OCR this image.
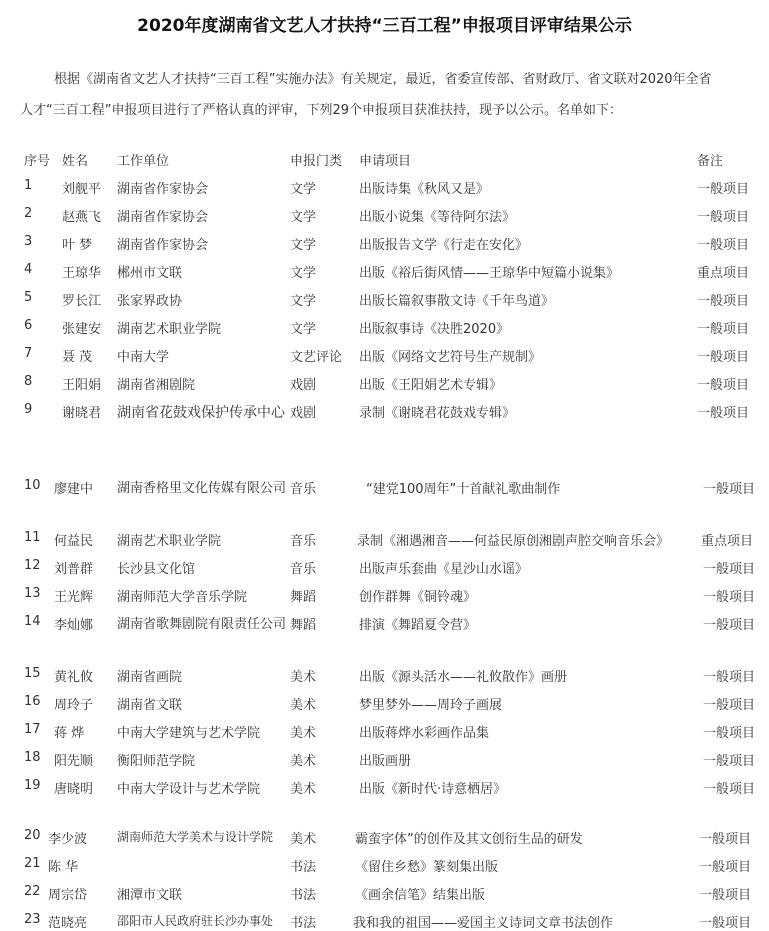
2020年度湖南省文艺人才扶持“三百工程”申报项目评审结果公示
根据《湖南省文艺人才扶持“三百工程”实施办法》有关规定，最近，省委宣传部、省财政厅、省文联对2020年全省
人才“三百工程”申报项目进行了严格认真的评审，下列29个申报项目获准扶持，现予以公示。名单如下：
序号 姓名 工作单位	申报门类 申请项目	备注
1 刘舰平 湖南省作家协会	文学	出版诗集《秋风又是》	一般项目
2 赵燕飞 湖南省作家协会	文学	出版小说集《等待阿尔法》	一般项目
3 叶 梦 湖南省作家协会	文学	出版报告文学《行走在安化》	一般项目
4 王琼华 郴州市文联	文学	出版《裕后街风情——王琼华中短篇小说集》	重点项目
5 罗长江 张家界政协	文学	出版长篇叙事散文诗《千年鸟道》	一般项目
6 张建安 湖南艺术职业学院	文学	出版叙事诗《决胜2020》	一般项目
7 聂 茂 中南大学	文艺评论 出版《网络文艺符号生产规制》	一般项目
8 王阳娟 湖南省湘剧院	戏剧	出版《王阳娟艺术专辑》	一般项目
9 谢晓君 湖南省花鼓戏保护传承中心 戏剧	录制《谢晓君花鼓戏专辑》	一般项目
10 廖建中 湖南香格里文化传媒有限公司 音乐	“建党100周年”十首献礼歌曲制作	一般项目
11 何益民 湖南艺术职业学院	音乐	录制《湘遇湘音——何益民原创湘剧声腔交响音乐会》 重点项目
12 刘普群 长沙县文化馆	音乐	出版声乐套曲《星沙山水谣》	一般项目
13 王光辉 湖南师范大学音乐学院	舞蹈	创作群舞《铜铃魂》	一般项目
14 李灿娜 湖南省歌舞剧院有限责任公司 舞蹈	排演《舞蹈夏令营》	一般项目
15 黄礼攸 湖南省画院	美术	出版《源头活水——礼攸散作》画册	一般项目
16 周玲子 湖南省文联	美术	梦里梦外——周玲子画展	一般项目
17 蒋 烨	中南大学建筑与艺术学院 美术	出版蒋烨水彩画作品集	一般项目
18 阳先顺 衡阳师范学院	美术	出版画册	一般项目
19 唐晓明 中南大学设计与艺术学院 美术	出版《新时代·诗意栖居》	一般项目
20 李少波 湖南师范大学美术与设计学院 美术	霸蛮字体”的创作及其文创衍生品的研发	一般项目
21 陈 华	书法	《留住乡愁》篆刻集出版	一般项目
22 周宗岱 湘潭市文联	书法	《画余信笔》结集出版	一般项目
23 范晓亮 邵阳市人民政府驻长沙办事处 书法	我和我的祖国——爱国主义诗词文章书法创作	一般项目
